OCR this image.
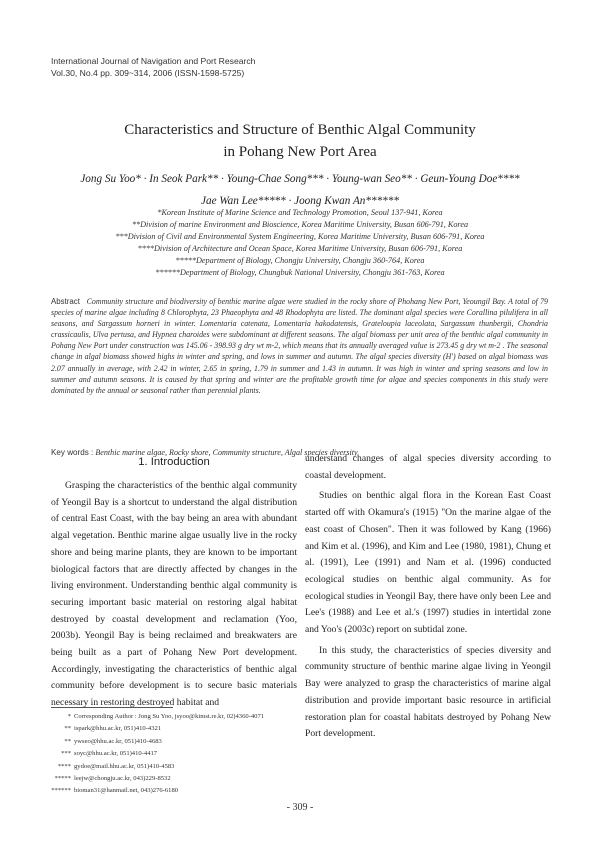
International Journal of Navigation and Port Research
Vol.30, No.4 pp. 309~314, 2006 (ISSN-1598-5725)
Characteristics and Structure of Benthic Algal Community
in Pohang New Port Area
Jong Su Yoo* · In Seok Park** · Young-Chae Song*** · Young-wan Seo** · Geun-Young Doe****
Jae Wan Lee***** · Joong Kwan An******
*Korean Institute of Marine Science and Technology Promotion, Seoul 137-941, Korea
**Division of marine Environment and Bioscience, Korea Maritime University, Busan 606-791, Korea
***Division of Civil and Environmental System Engineering, Korea Maritime University, Busan 606-791, Korea
****Division of Architecture and Ocean Space, Korea Maritime University, Busan 606-791, Korea
*****Department of Biology, Chongju University, Chongju 360-764, Korea
******Department of Biology, Chungbuk National University, Chongju 361-763, Korea
Abstract Community structure and biodiversity of benthic marine algae were studied in the rocky shore of Phohang New Port, Yeoungil Bay. A total of 79 species of marine algae including 8 Chlorophyta, 23 Phaeophyta and 48 Rhodophyta are listed. The dominant algal species were Corallina pilulifera in all seasons, and Sargassum horneri in winter. Lomentaria catenata, Lomentaria hakodatensis, Grateloupia laceolata, Sargassum thunbergii, Chondria crassicaulis, Ulva pertusa, and Hypnea charoides were subdominant at different seasons. The algal biomass per unit area of the benthic algal community in Pohang New Port under construction was 145.06 - 398.93 g dry wt m-2, which means that its annually averaged value is 273.45 g dry wt m-2 . The seasonal change in algal biomass showed highs in winter and spring, and lows in summer and autumn. The algal species diversity (H') based on algal biomass was 2.07 annually in average, with 2.42 in winter, 2.65 in spring, 1.79 in summer and 1.43 in autumn. It was high in winter and spring seasons and low in summer and autumn seasons. It is caused by that spring and winter are the profitable growth time for algae and species components in this study were dominated by the annual or seasonal rather than perennial plants.
Key words : Benthic marine algae, Rocky shore, Community structure, Algal species diversity
1. Introduction

Grasping the characteristics of the benthic algal community of Yeongil Bay is a shortcut to understand the algal distribution of central East Coast, with the bay being an area with abundant algal vegetation. Benthic marine algae usually live in the rocky shore and being marine plants, they are known to be important biological factors that are directly affected by changes in the living environment. Understanding benthic algal community is securing important basic material on restoring algal habitat destroyed by coastal development and reclamation (Yoo, 2003b). Yeongil Bay is being reclaimed and breakwaters are being built as a part of Pohang New Port development. Accordingly, investigating the characteristics of benthic algal community before development is to secure basic materials necessary in restoring destroyed habitat and

understand changes of algal species diversity according to coastal development.

Studies on benthic algal flora in the Korean East Coast started off with Okamura's (1915) "On the marine algae of the east coast of Chosen". Then it was followed by Kang (1966) and Kim et al. (1996), and Kim and Lee (1980, 1981), Chung et al. (1991), Lee (1991) and Nam et al. (1996) conducted ecological studies on benthic algal community. As for ecological studies in Yeongil Bay, there have only been Lee and Lee's (1988) and Lee et al.'s (1997) studies in intertidal zone and Yoo's (2003c) report on subtidal zone.

In this study, the characteristics of species diversity and community structure of benthic marine algae living in Yeongil Bay were analyzed to grasp the characteristics of marine algal distribution and provide important basic resource in artificial restoration plan for coastal habitats destroyed by Pohang New Port development.

* Corresponding Author : Jong Su Yoo, jsyoo@kimst.re.kr, 02)4360-4071
** ispark@hhu.ac.kr, 051)410-4321
** ywseo@hhu.ac.kr, 051)410-4683
*** soyc@hhu.ac.kr, 051)410-4417
**** gydoe@mail.hhu.ac.kr, 051)410-4583
***** leejw@chongju.ac.kr, 043)229-8532
****** bioman31@hanmail.net, 043)276-6180
- 309 -
